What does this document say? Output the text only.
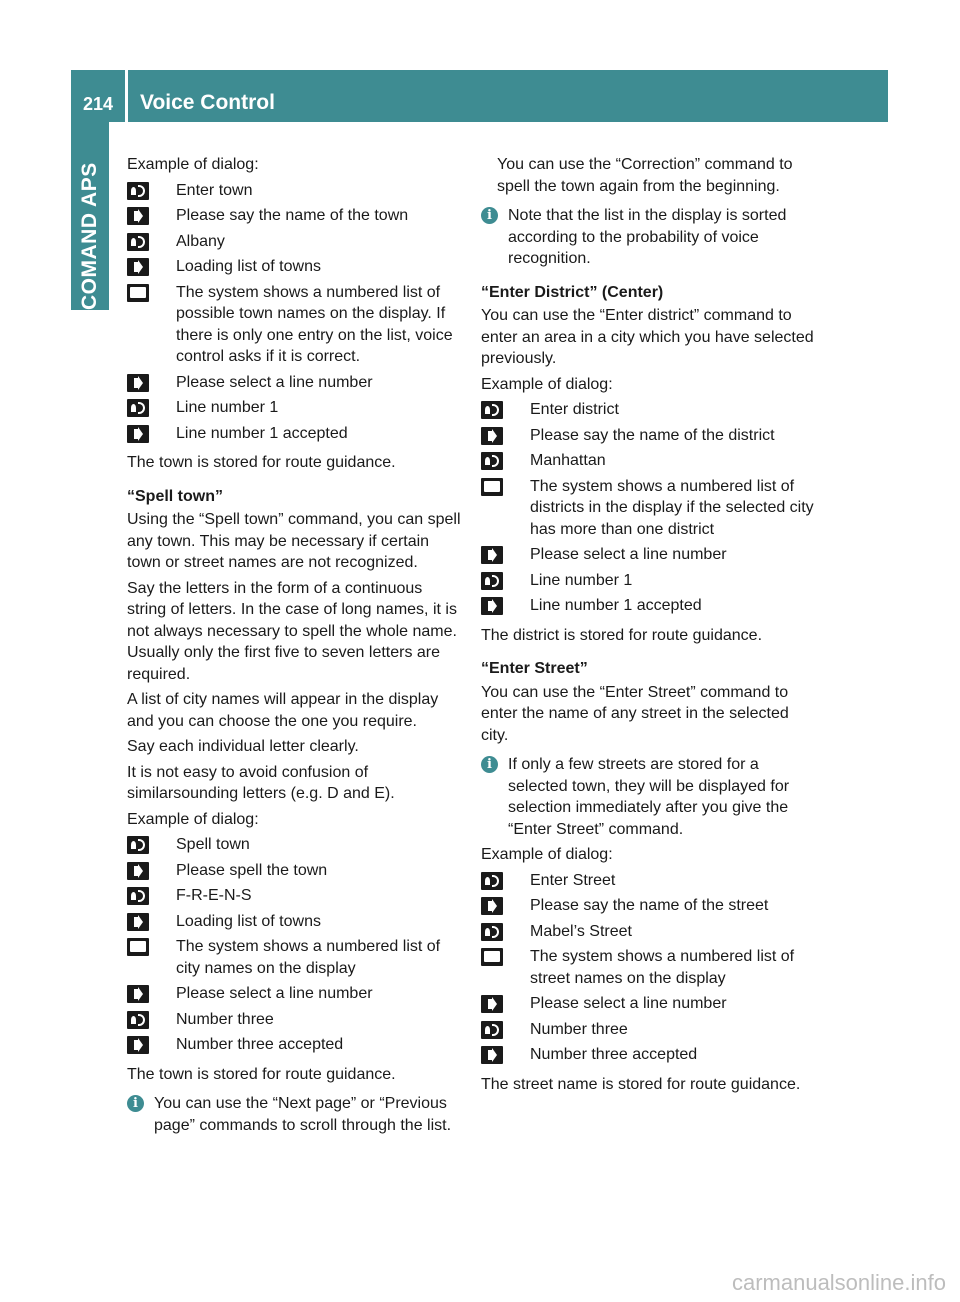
214 Voice Control
COMAND APS	Example of dialog:
Enter town
Please say the name of the town
Albany
Loading list of towns
The system shows a numbered list of possible town names on the display. If there is only one entry on the list, voice control asks if it is correct.
Please select a line number
Line number 1
Line number 1 accepted
The town is stored for route guidance.
“Spell town”
Using the “Spell town” command, you can spell any town. This may be necessary if certain town or street names are not recognized.
Say the letters in the form of a continuous string of letters. In the case of long names, it is not always necessary to spell the whole name. Usually only the first five to seven letters are required.
A list of city names will appear in the display and you can choose the one you require.
Say each individual letter clearly.
It is not easy to avoid confusion of similarsounding letters (e.g. D and E).
Example of dialog:
Spell town
Please spell the town
F-R-E-N-S
Loading list of towns
The system shows a numbered list of city names on the display
Please select a line number
Number three
Number three accepted
The town is stored for route guidance.
i	You can use the “Next page” or “Previous page” commands to scroll through the list.
You can use the “Correction” command to spell the town again from the beginning.
i	Note that the list in the display is sorted according to the probability of voice recognition.
“Enter District” (Center)
You can use the “Enter district” command to enter an area in a city which you have selected previously.
Example of dialog:
Enter district
Please say the name of the district
Manhattan
The system shows a numbered list of districts in the display if the selected city has more than one district
Please select a line number
Line number 1
Line number 1 accepted
The district is stored for route guidance.
“Enter Street”
You can use the “Enter Street” command to enter the name of any street in the selected city.
i	If only a few streets are stored for a selected town, they will be displayed for selection immediately after you give the “Enter Street” command.
Example of dialog:
Enter Street
Please say the name of the street
Mabel’s Street
The system shows a numbered list of street names on the display
Please select a line number
Number three
Number three accepted
The street name is stored for route guidance.
carmanualsonline.info
